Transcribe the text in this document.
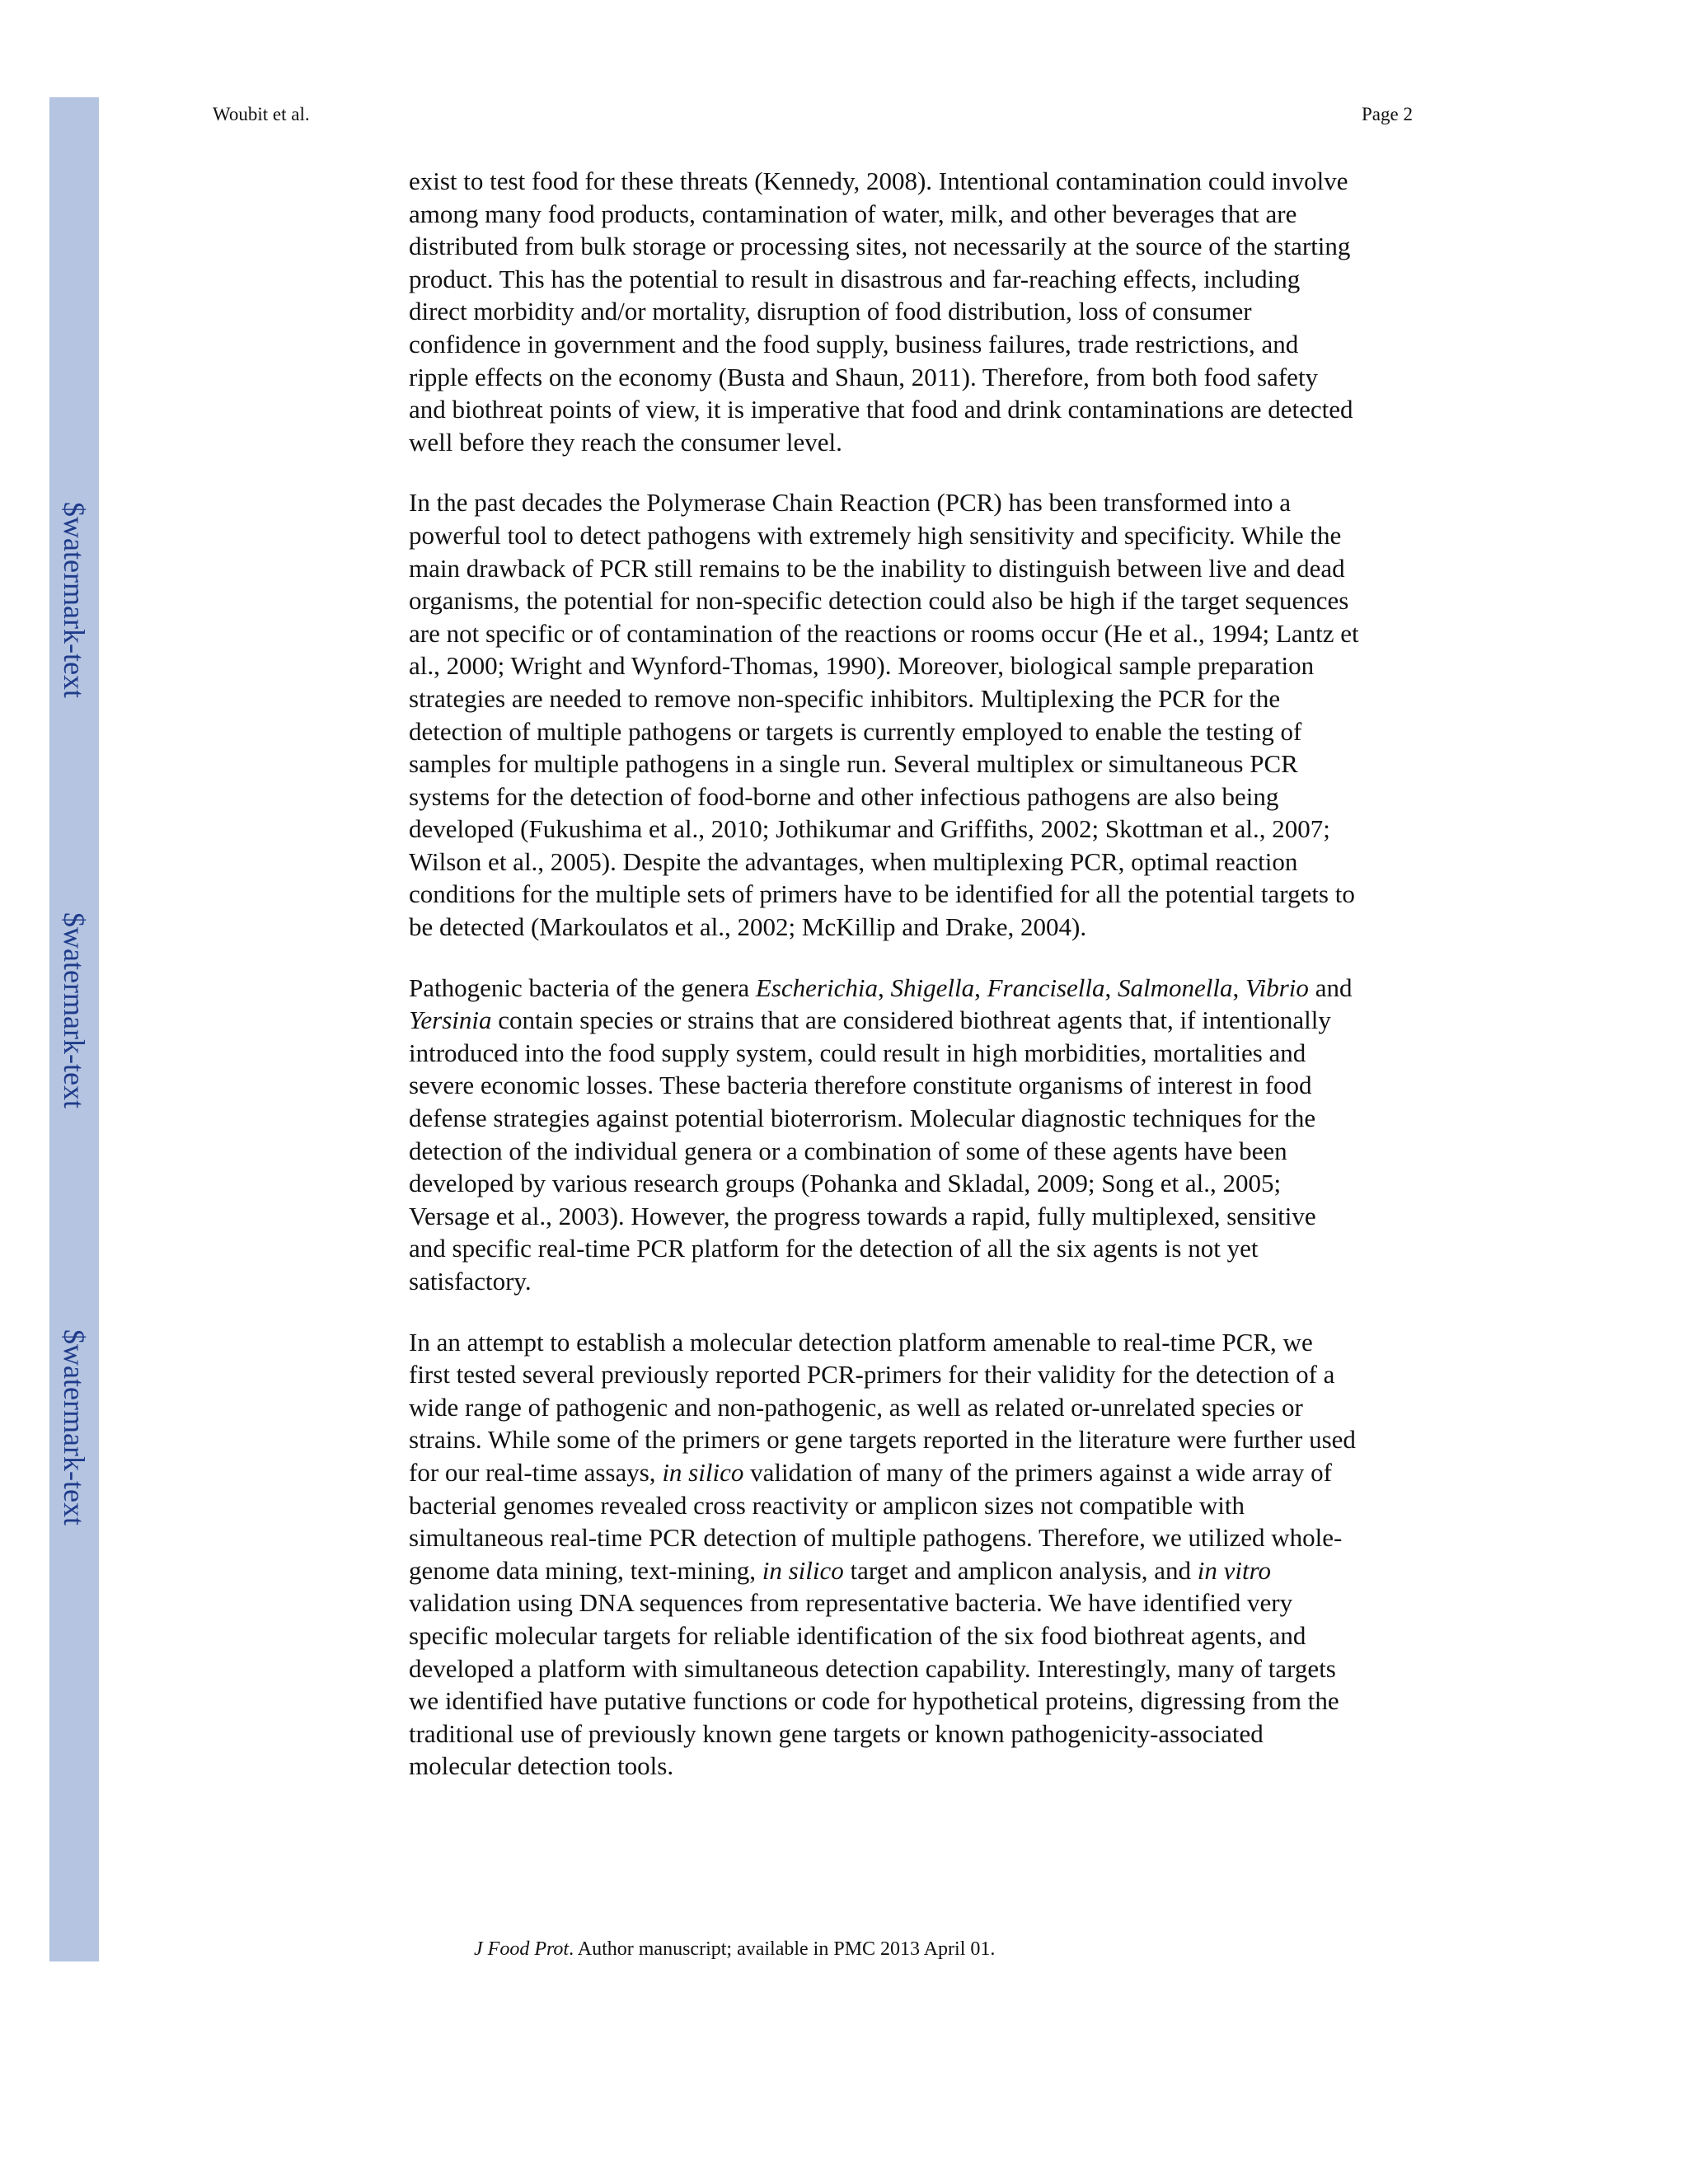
$watermark-text
$watermark-text
$watermark-text
Woubit et al.	Page 2

exist to test food for these threats (Kennedy, 2008). Intentional contamination could involve
among many food products, contamination of water, milk, and other beverages that are
distributed from bulk storage or processing sites, not necessarily at the source of the starting
product. This has the potential to result in disastrous and far-reaching effects, including
direct morbidity and/or mortality, disruption of food distribution, loss of consumer
confidence in government and the food supply, business failures, trade restrictions, and
ripple effects on the economy (Busta and Shaun, 2011). Therefore, from both food safety
and biothreat points of view, it is imperative that food and drink contaminations are detected
well before they reach the consumer level.

In the past decades the Polymerase Chain Reaction (PCR) has been transformed into a
powerful tool to detect pathogens with extremely high sensitivity and specificity. While the
main drawback of PCR still remains to be the inability to distinguish between live and dead
organisms, the potential for non-specific detection could also be high if the target sequences
are not specific or of contamination of the reactions or rooms occur (He et al., 1994; Lantz et
al., 2000; Wright and Wynford-Thomas, 1990). Moreover, biological sample preparation
strategies are needed to remove non-specific inhibitors. Multiplexing the PCR for the
detection of multiple pathogens or targets is currently employed to enable the testing of
samples for multiple pathogens in a single run. Several multiplex or simultaneous PCR
systems for the detection of food-borne and other infectious pathogens are also being
developed (Fukushima et al., 2010; Jothikumar and Griffiths, 2002; Skottman et al., 2007;
Wilson et al., 2005). Despite the advantages, when multiplexing PCR, optimal reaction
conditions for the multiple sets of primers have to be identified for all the potential targets to
be detected (Markoulatos et al., 2002; McKillip and Drake, 2004).

Pathogenic bacteria of the genera Escherichia, Shigella, Francisella, Salmonella, Vibrio and
Yersinia contain species or strains that are considered biothreat agents that, if intentionally
introduced into the food supply system, could result in high morbidities, mortalities and
severe economic losses. These bacteria therefore constitute organisms of interest in food
defense strategies against potential bioterrorism. Molecular diagnostic techniques for the
detection of the individual genera or a combination of some of these agents have been
developed by various research groups (Pohanka and Skladal, 2009; Song et al., 2005;
Versage et al., 2003). However, the progress towards a rapid, fully multiplexed, sensitive
and specific real-time PCR platform for the detection of all the six agents is not yet
satisfactory.

In an attempt to establish a molecular detection platform amenable to real-time PCR, we
first tested several previously reported PCR-primers for their validity for the detection of a
wide range of pathogenic and non-pathogenic, as well as related or-unrelated species or
strains. While some of the primers or gene targets reported in the literature were further used
for our real-time assays, in silico validation of many of the primers against a wide array of
bacterial genomes revealed cross reactivity or amplicon sizes not compatible with
simultaneous real-time PCR detection of multiple pathogens. Therefore, we utilized whole-
genome data mining, text-mining, in silico target and amplicon analysis, and in vitro
validation using DNA sequences from representative bacteria. We have identified very
specific molecular targets for reliable identification of the six food biothreat agents, and
developed a platform with simultaneous detection capability. Interestingly, many of targets
we identified have putative functions or code for hypothetical proteins, digressing from the
traditional use of previously known gene targets or known pathogenicity-associated
molecular detection tools.

J Food Prot. Author manuscript; available in PMC 2013 April 01.
